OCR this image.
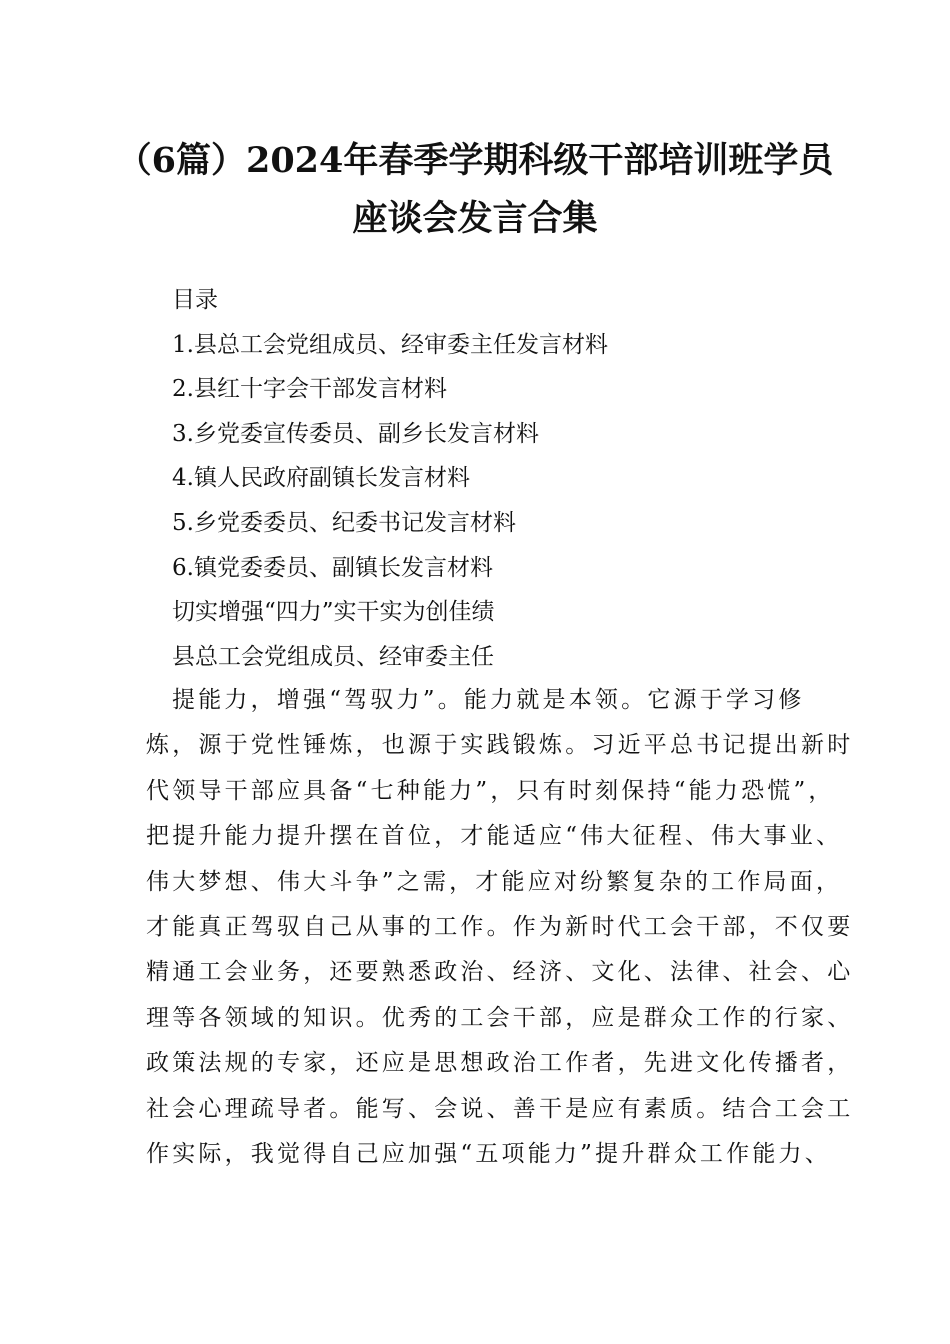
（6篇）2024年春季学期科级干部培训班学员
座谈会发言合集
目录
1.县总工会党组成员、经审委主任发言材料
2.县红十字会干部发言材料
3.乡党委宣传委员、副乡长发言材料
4.镇人民政府副镇长发言材料
5.乡党委委员、纪委书记发言材料
6.镇党委委员、副镇长发言材料
切实增强“四力”实干实为创佳绩
县总工会党组成员、经审委主任
提能力，增强“驾驭力”。能力就是本领。它源于学习修
炼，源于党性锤炼，也源于实践锻炼。习近平总书记提出新时
代领导干部应具备“七种能力”，只有时刻保持“能力恐慌”，
把提升能力提升摆在首位，才能适应“伟大征程、伟大事业、
伟大梦想、伟大斗争”之需，才能应对纷繁复杂的工作局面，
才能真正驾驭自己从事的工作。作为新时代工会干部，不仅要
精通工会业务，还要熟悉政治、经济、文化、法律、社会、心
理等各领域的知识。优秀的工会干部，应是群众工作的行家、
政策法规的专家，还应是思想政治工作者，先进文化传播者，
社会心理疏导者。能写、会说、善干是应有素质。结合工会工
作实际，我觉得自己应加强“五项能力”提升群众工作能力、
